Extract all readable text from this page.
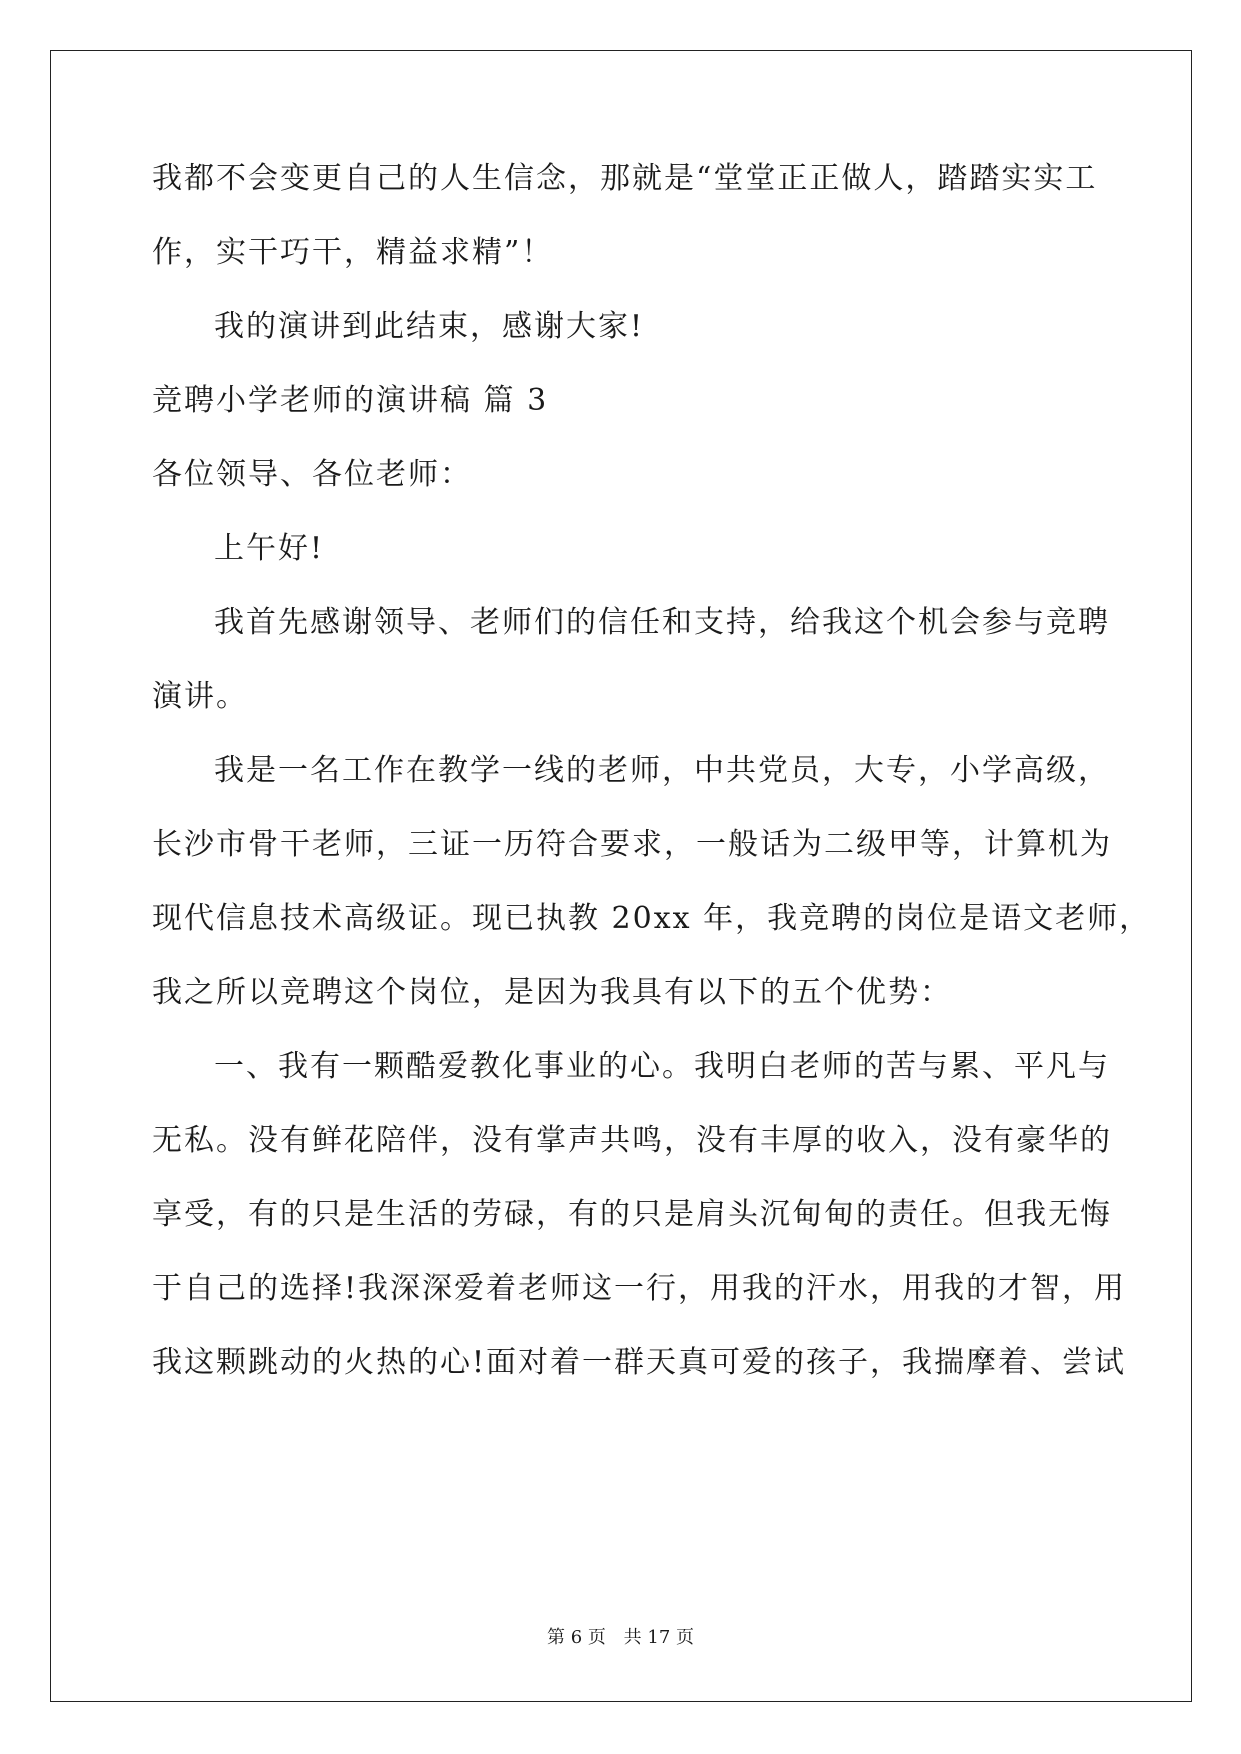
我都不会变更自己的人生信念，那就是“堂堂正正做人，踏踏实实工
作，实干巧干，精益求精”！
我的演讲到此结束，感谢大家!
竞聘小学老师的演讲稿 篇 3
各位领导、各位老师：
上午好!
我首先感谢领导、老师们的信任和支持，给我这个机会参与竞聘
演讲。
我是一名工作在教学一线的老师，中共党员，大专，小学高级，
长沙市骨干老师，三证一历符合要求，一般话为二级甲等，计算机为
现代信息技术高级证。现已执教 20xx 年，我竞聘的岗位是语文老师，
我之所以竞聘这个岗位，是因为我具有以下的五个优势：
一、我有一颗酷爱教化事业的心。我明白老师的苦与累、平凡与
无私。没有鲜花陪伴，没有掌声共鸣，没有丰厚的收入，没有豪华的
享受，有的只是生活的劳碌，有的只是肩头沉甸甸的责任。但我无悔
于自己的选择!我深深爱着老师这一行，用我的汗水，用我的才智，用
我这颗跳动的火热的心!面对着一群天真可爱的孩子，我揣摩着、尝试
第 6 页 共 17 页
